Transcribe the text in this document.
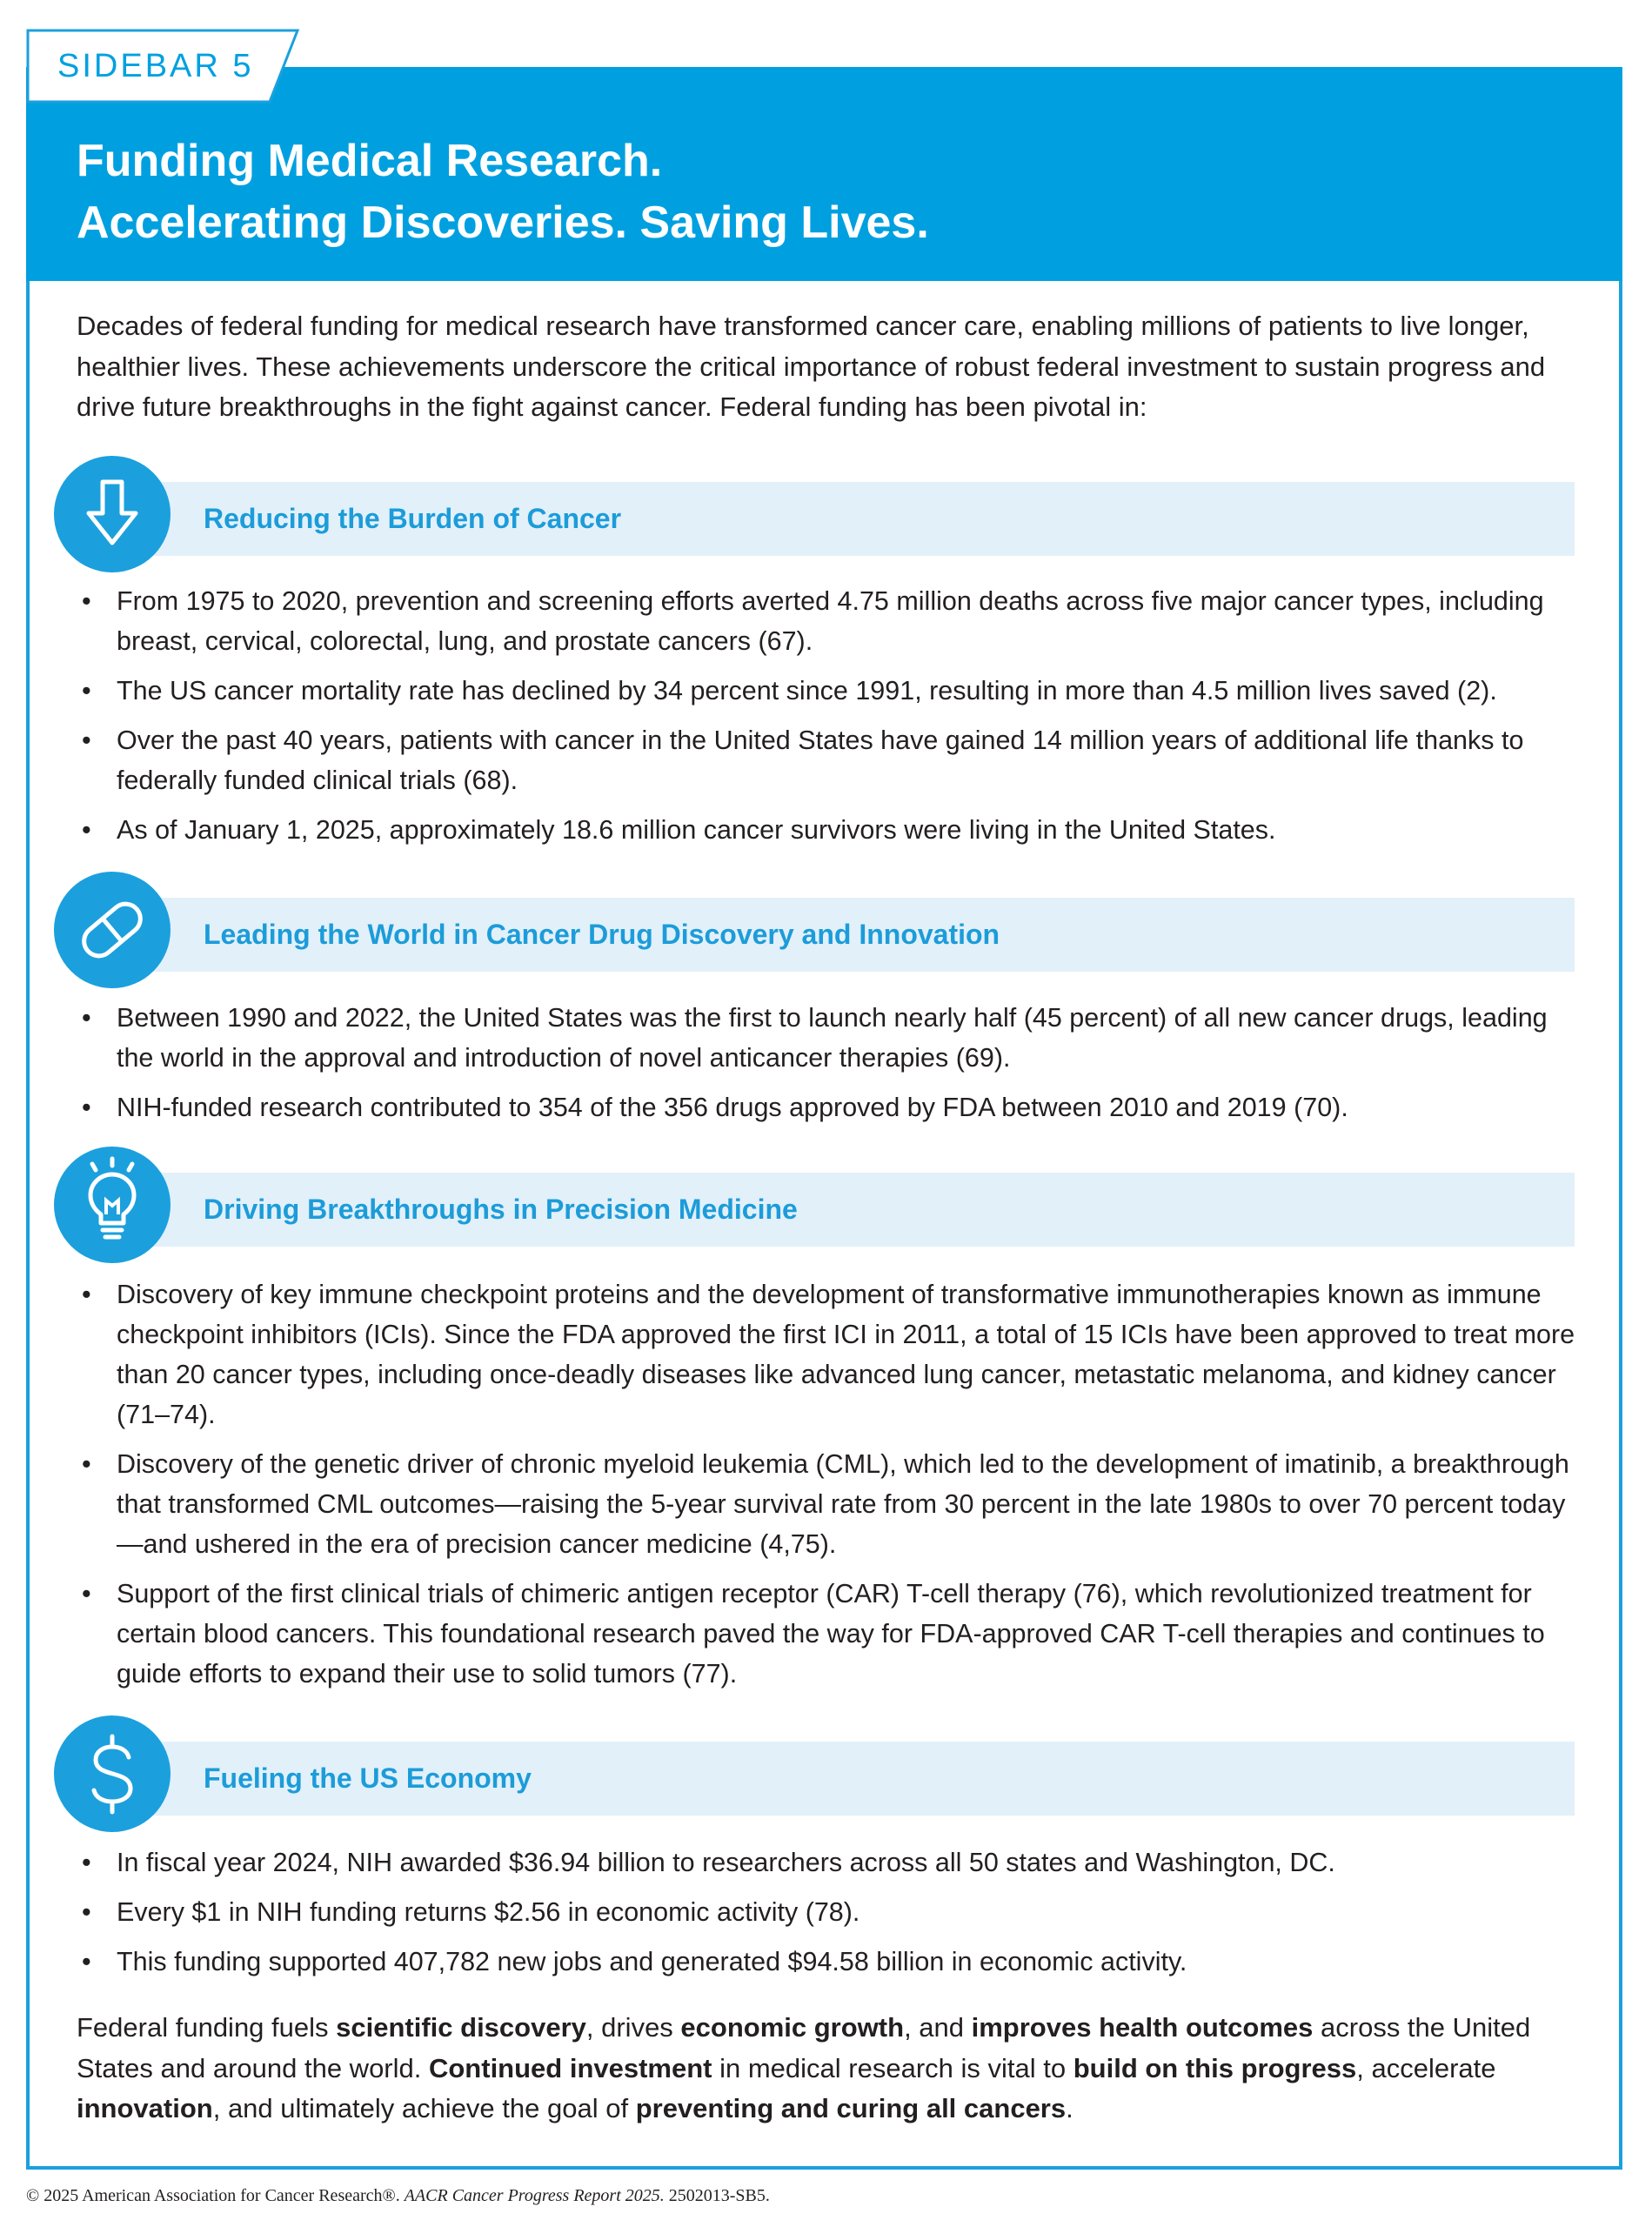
SIDEBAR 5
Funding Medical Research.
Accelerating Discoveries. Saving Lives.

Decades of federal funding for medical research have transformed cancer care, enabling millions of patients to live longer, healthier lives. These achievements underscore the critical importance of robust federal investment to sustain progress and drive future breakthroughs in the fight against cancer. Federal funding has been pivotal in:

Reducing the Burden of Cancer
• From 1975 to 2020, prevention and screening efforts averted 4.75 million deaths across five major cancer types, including breast, cervical, colorectal, lung, and prostate cancers (67).
• The US cancer mortality rate has declined by 34 percent since 1991, resulting in more than 4.5 million lives saved (2).
• Over the past 40 years, patients with cancer in the United States have gained 14 million years of additional life thanks to federally funded clinical trials (68).
• As of January 1, 2025, approximately 18.6 million cancer survivors were living in the United States.
Leading the World in Cancer Drug Discovery and Innovation
• Between 1990 and 2022, the United States was the first to launch nearly half (45 percent) of all new cancer drugs, leading the world in the approval and introduction of novel anticancer therapies (69).
• NIH-funded research contributed to 354 of the 356 drugs approved by FDA between 2010 and 2019 (70).
Driving Breakthroughs in Precision Medicine
• Discovery of key immune checkpoint proteins and the development of transformative immunotherapies known as immune checkpoint inhibitors (ICIs). Since the FDA approved the first ICI in 2011, a total of 15 ICIs have been approved to treat more than 20 cancer types, including once-deadly diseases like advanced lung cancer, metastatic melanoma, and kidney cancer (71–74).
• Discovery of the genetic driver of chronic myeloid leukemia (CML), which led to the development of imatinib, a breakthrough that transformed CML outcomes—raising the 5-year survival rate from 30 percent in the late 1980s to over 70 percent today—and ushered in the era of precision cancer medicine (4,75).
• Support of the first clinical trials of chimeric antigen receptor (CAR) T-cell therapy (76), which revolutionized treatment for certain blood cancers. This foundational research paved the way for FDA-approved CAR T-cell therapies and continues to guide efforts to expand their use to solid tumors (77).
Fueling the US Economy
• In fiscal year 2024, NIH awarded $36.94 billion to researchers across all 50 states and Washington, DC.
• Every $1 in NIH funding returns $2.56 in economic activity (78).
• This funding supported 407,782 new jobs and generated $94.58 billion in economic activity.

Federal funding fuels scientific discovery, drives economic growth, and improves health outcomes across the United States and around the world. Continued investment in medical research is vital to build on this progress, accelerate innovation, and ultimately achieve the goal of preventing and curing all cancers.

© 2025 American Association for Cancer Research®. AACR Cancer Progress Report 2025. 2502013-SB5.
